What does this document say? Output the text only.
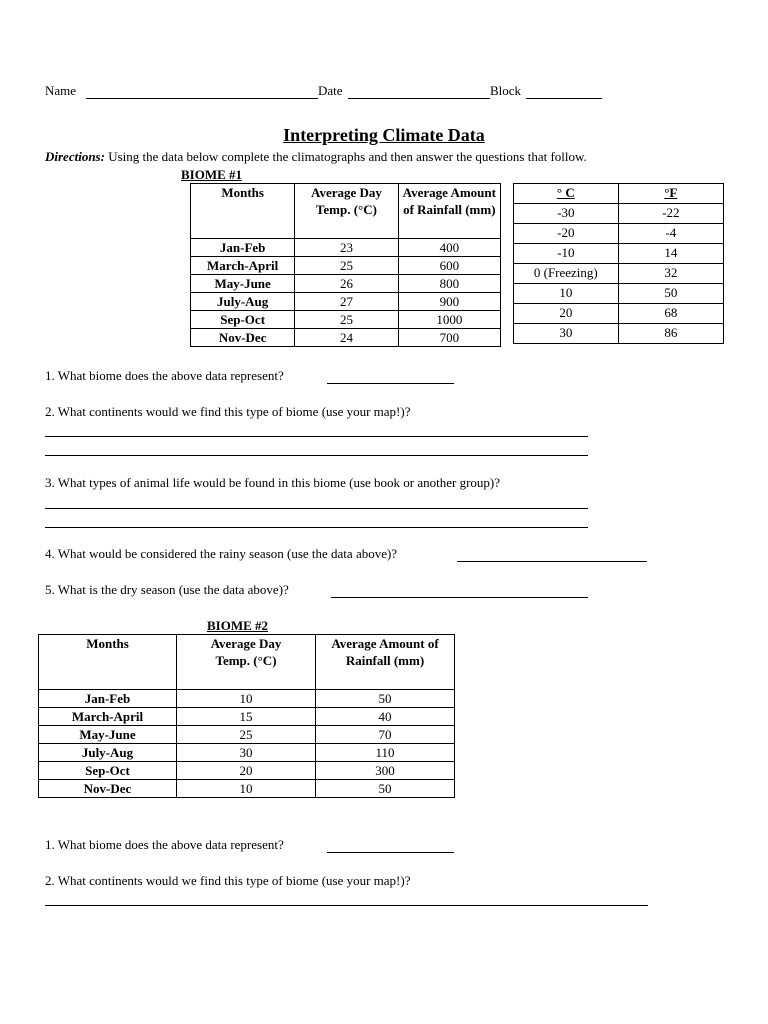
Name	Date	Block
Interpreting Climate Data
Directions: Using the data below complete the climatographs and then answer the questions that follow.
BIOME #1
Months	Average Day Temp. (°C)	Average Amount of Rainfall (mm)
Jan-Feb	23	400
March-April	25	600
May-June	26	800
July-Aug	27	900
Sep-Oct	25	1000
Nov-Dec	24	700
° C	°F
-30	-22
-20	-4
-10	14
0 (Freezing)	32
10	50
20	68
30	86
1. What biome does the above data represent?
2. What continents would we find this type of biome (use your map!)?
3. What types of animal life would be found in this biome (use book or another group)?
4. What would be considered the rainy season (use the data above)?
5. What is the dry season (use the data above)?
BIOME #2
Months	Average Day Temp. (°C)	Average Amount of Rainfall (mm)
Jan-Feb	10	50
March-April	15	40
May-June	25	70
July-Aug	30	110
Sep-Oct	20	300
Nov-Dec	10	50
1. What biome does the above data represent?
2. What continents would we find this type of biome (use your map!)?
